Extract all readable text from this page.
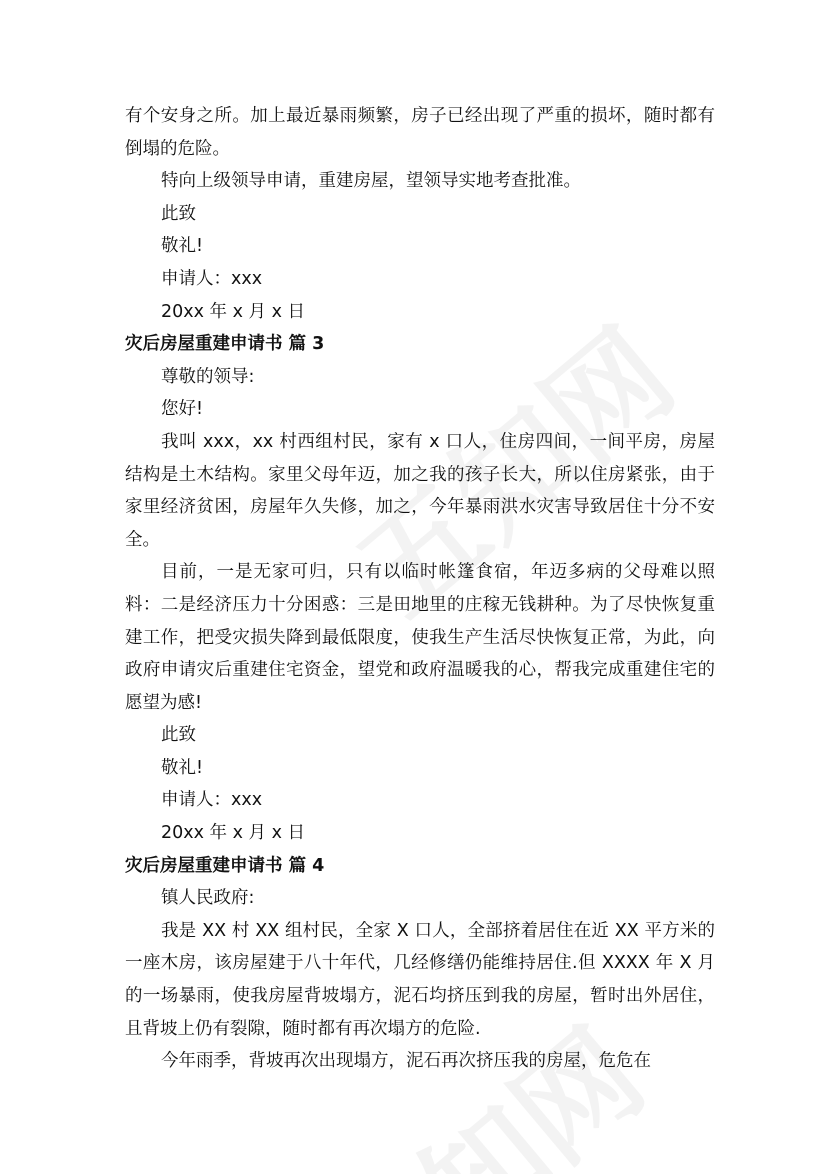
有个安身之所。加上最近暴雨频繁，房子已经出现了严重的损坏，随时都有倒塌的危险。

特向上级领导申请，重建房屋，望领导实地考查批准。

此致

敬礼!

申请人：xxx

20xx 年 x 月 x 日

灾后房屋重建申请书 篇 3

尊敬的领导:

您好!

我叫 xxx，xx 村西组村民，家有 x 口人，住房四间，一间平房，房屋结构是土木结构。家里父母年迈，加之我的孩子长大，所以住房紧张，由于家里经济贫困，房屋年久失修，加之，今年暴雨洪水灾害导致居住十分不安全。

目前，一是无家可归，只有以临时帐篷食宿，年迈多病的父母难以照料：二是经济压力十分困惑：三是田地里的庄稼无钱耕种。为了尽快恢复重建工作，把受灾损失降到最低限度，使我生产生活尽快恢复正常，为此，向政府申请灾后重建住宅资金，望党和政府温暖我的心，帮我完成重建住宅的愿望为感!

此致

敬礼!

申请人：xxx

20xx 年 x 月 x 日

灾后房屋重建申请书 篇 4

镇人民政府:

我是 XX 村 XX 组村民，全家 X 口人，全部挤着居住在近 XX 平方米的一座木房，该房屋建于八十年代，几经修缮仍能维持居住.但 XXXX 年 X 月的一场暴雨，使我房屋背坡塌方，泥石均挤压到我的房屋，暂时出外居住，且背坡上仍有裂隙，随时都有再次塌方的危险.

今年雨季，背坡再次出现塌方，泥石再次挤压我的房屋，危危在
